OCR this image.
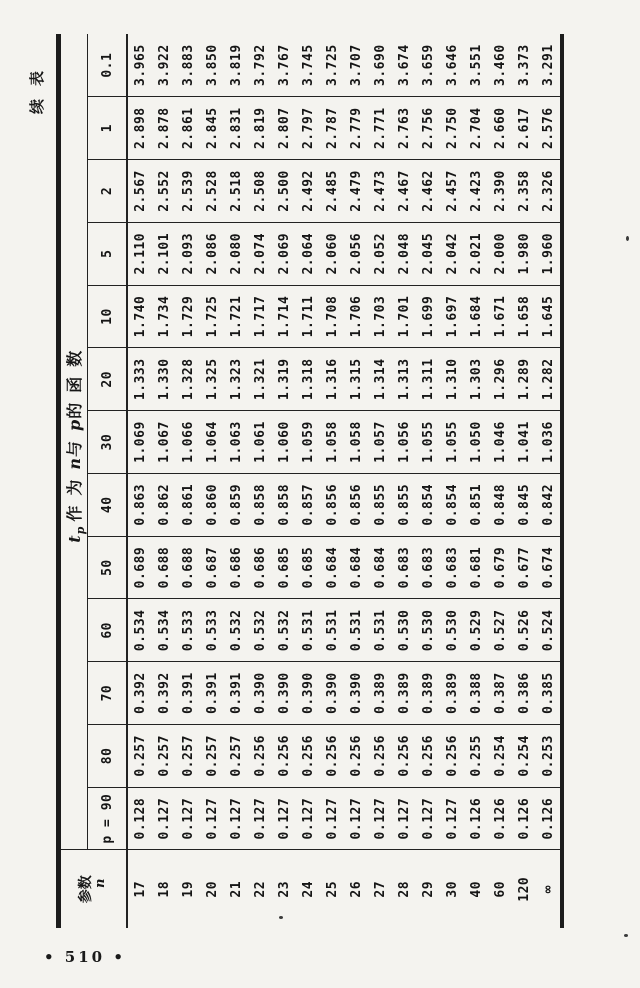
续表
参数 n	$t_p$作为n与p的函数												
	p = 90	80	70	60	50	40	30	20	10	5	2	1	0.1
17	0.128	0.257	0.392	0.534	0.689	0.863	1.069	1.333	1.740	2.110	2.567	2.898	3.965
18	0.127	0.257	0.392	0.534	0.688	0.862	1.067	1.330	1.734	2.101	2.552	2.878	3.922
19	0.127	0.257	0.391	0.533	0.688	0.861	1.066	1.328	1.729	2.093	2.539	2.861	3.883
20	0.127	0.257	0.391	0.533	0.687	0.860	1.064	1.325	1.725	2.086	2.528	2.845	3.850
21	0.127	0.257	0.391	0.532	0.686	0.859	1.063	1.323	1.721	2.080	2.518	2.831	3.819
22	0.127	0.256	0.390	0.532	0.686	0.858	1.061	1.321	1.717	2.074	2.508	2.819	3.792
23	0.127	0.256	0.390	0.532	0.685	0.858	1.060	1.319	1.714	2.069	2.500	2.807	3.767
24	0.127	0.256	0.390	0.531	0.685	0.857	1.059	1.318	1.711	2.064	2.492	2.797	3.745
25	0.127	0.256	0.390	0.531	0.684	0.856	1.058	1.316	1.708	2.060	2.485	2.787	3.725
26	0.127	0.256	0.390	0.531	0.684	0.856	1.058	1.315	1.706	2.056	2.479	2.779	3.707
27	0.127	0.256	0.389	0.531	0.684	0.855	1.057	1.314	1.703	2.052	2.473	2.771	3.690
28	0.127	0.256	0.389	0.530	0.683	0.855	1.056	1.313	1.701	2.048	2.467	2.763	3.674
29	0.127	0.256	0.389	0.530	0.683	0.854	1.055	1.311	1.699	2.045	2.462	2.756	3.659
30	0.127	0.256	0.389	0.530	0.683	0.854	1.055	1.310	1.697	2.042	2.457	2.750	3.646
40	0.126	0.255	0.388	0.529	0.681	0.851	1.050	1.303	1.684	2.021	2.423	2.704	3.551
60	0.126	0.254	0.387	0.527	0.679	0.848	1.046	1.296	1.671	2.000	2.390	2.660	3.460
120	0.126	0.254	0.386	0.526	0.677	0.845	1.041	1.289	1.658	1.980	2.358	2.617	3.373
∞	0.126	0.253	0.385	0.524	0.674	0.842	1.036	1.282	1.645	1.960	2.326	2.576	3.291
• 510 •
